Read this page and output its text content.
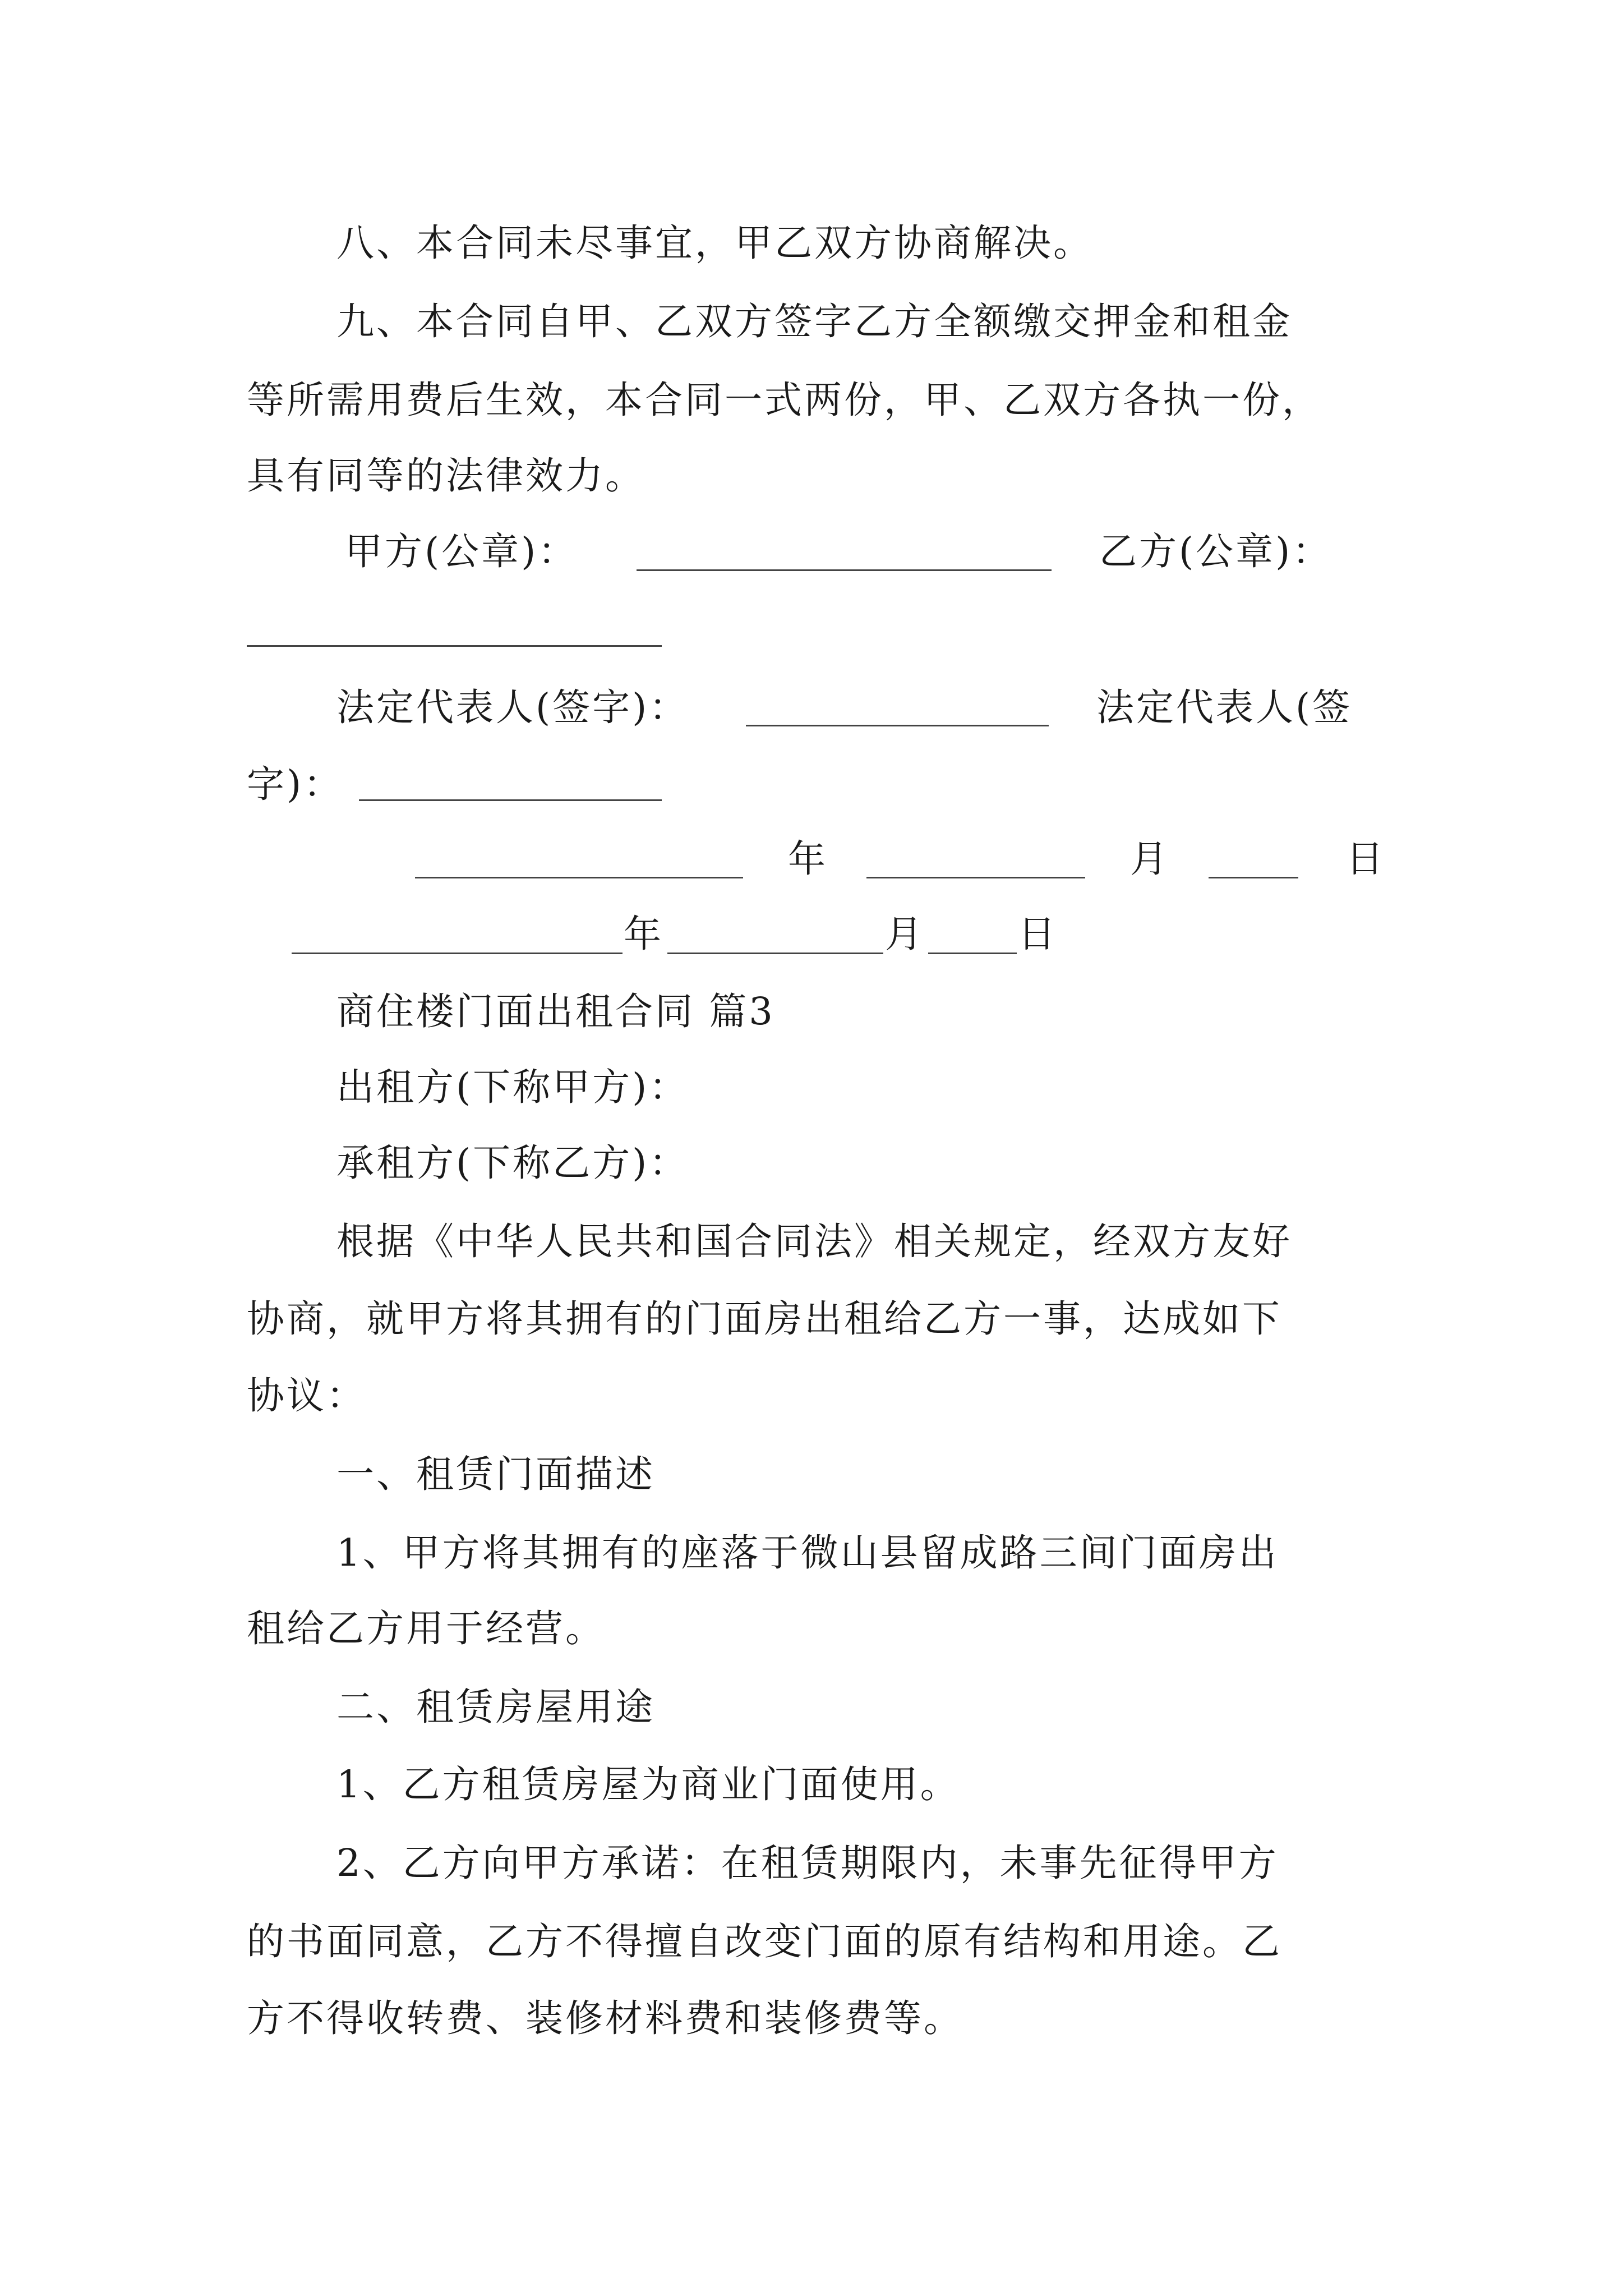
八、本合同未尽事宜，甲乙双方协商解决。
九、本合同自甲、乙双方签字乙方全额缴交押金和租金
等所需用费后生效，本合同一式两份，甲、乙双方各执一份，
具有同等的法律效力。
甲方(公章)：	乙方(公章)：
法定代表人(签字)：	法定代表人(签
字)：
年	月	日
年	月 日
商住楼门面出租合同 篇3
出租方(下称甲方)：
承租方(下称乙方)：
根据《中华人民共和国合同法》相关规定，经双方友好
协商，就甲方将其拥有的门面房出租给乙方一事，达成如下
协议：
一、租赁门面描述
1、甲方将其拥有的座落于微山县留成路三间门面房出
租给乙方用于经营。
二、租赁房屋用途
1、乙方租赁房屋为商业门面使用。
2、乙方向甲方承诺：在租赁期限内，未事先征得甲方
的书面同意，乙方不得擅自改变门面的原有结构和用途。乙
方不得收转费、装修材料费和装修费等。
